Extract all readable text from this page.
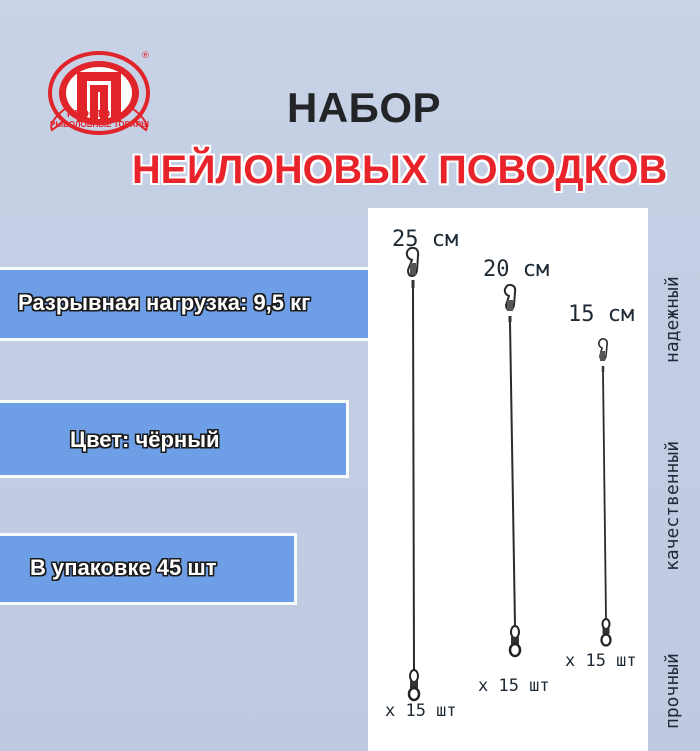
®
ПРОСТО
РЫБОЛОВНЫЕ ТОВАРЫ	НАБОР
НЕЙЛОНОВЫХ ПОВОДКОВ
Разрывная нагрузка: 9,5 кг
Цвет: чёрный
В упаковке 45 шт
25 см
20 см
15 см
x 15 шт
x 15 шт
x 15 шт прочный
качественный
надежный
